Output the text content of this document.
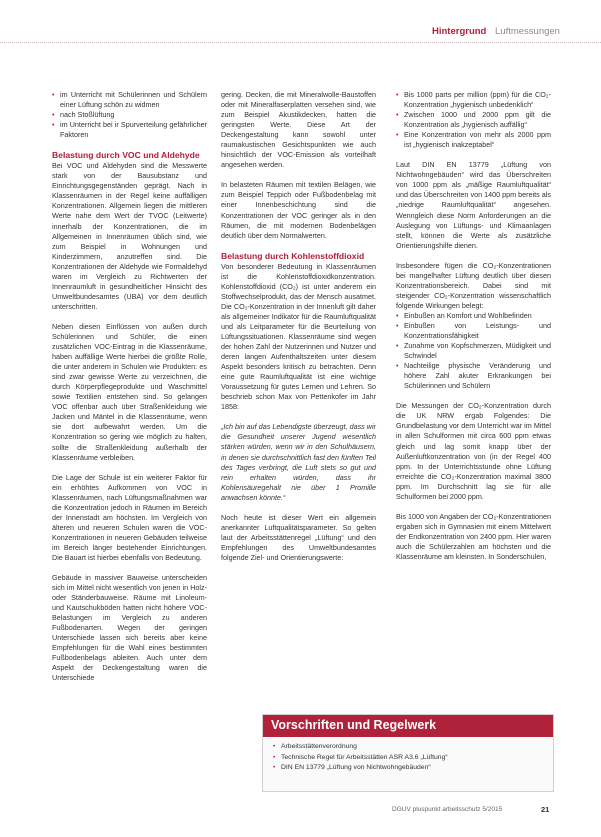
Hintergrund Luftmessungen
• im Unterricht mit Schülerinnen und Schülern einer Lüftung schön zu widmen
• nach Stoßlüftung
• im Unterricht bei ir Spurverteilung gefährlicher Faktoren
Belastung durch VOC und Aldehyde

Bei VOC und Aldehyden sind die Messwerte stark von der Bausubstanz und Einrichtungsgegenständen geprägt. Nach in Klassenräumen in der Regel keine auffälligen Konzentrationen. Allgemein liegen die mittleren Werte nahe dem Wert der TVOC (Leitwerte) innerhalb der Konzentrationen, die im Allgemeinen in Innenräumen üblich sind, wie zum Beispiel in Wohnungen und Kinderzimmern, anzutreffen sind. Die Konzentrationen der Aldehyde wie Formaldehyd waren im Vergleich zu Richtwerten der Innenraumluft in gesundheitlicher Hinsicht des Umweltbundesamtes (UBA) vor dem deutlich unterschritten.

Neben diesen Einflüssen von außen durch Schülerinnen und Schüler, die einen zusätzlichen VOC-Eintrag in die Klassenräume, haben auffällige Werte hierbei die größte Rolle, die unter anderem in Schulen wie Produkten: es sind zwar gewisse Werte zu verzeichnen, die durch Körperpflegeprodukte und Waschmittel sowie Textilien entstehen sind. So gelangen VOC offenbar auch über Straßenkleidung wie Jacken und Mäntel in die Klassenräume, wenn sie dort aufbewahrt werden. Um die Konzentration so gering wie möglich zu halten, sollte die Straßenkleidung außerhalb der Klassenräume verbleiben.

Die Lage der Schule ist ein weiterer Faktor für ein erhöhtes Aufkommen von VOC in Klassenräumen, nach Lüftungsmaßnahmen war die Konzentration jedoch in Räumen im Bereich der Innenstadt am höchsten. Im Vergleich von älteren und neueren Schulen waren die VOC-Konzentrationen in neueren Gebäuden teilweise im Bereich länger bestehender Einrichtungen. Die Bauart ist hierbei ebenfalls von Bedeutung.

Gebäude in massiver Bauweise unterscheiden sich im Mittel nicht wesentlich von jenen in Holz- oder Ständerbauweise. Räume mit Linoleum- und Kautschukböden hatten nicht höhere VOC-Belastungen im Vergleich zu anderen Fußbodenarten. Wegen der geringen Unterschiede lassen sich bereits aber keine Empfehlungen für die Wahl eines bestimmten Fußbodenbelags ableiten. Auch unter dem Aspekt der Deckengestaltung waren die Unterschiede

gering. Decken, die mit Mineralwolle-Baustoffen oder mit Mineralfaserplatten versehen sind, wie zum Beispiel Akustikdecken, hatten die geringsten Werte. Diese Art der Deckengestaltung kann sowohl unter raumakustischen Gesichtspunkten wie auch hinsichtlich der VOC-Emission als vorteilhaft angesehen werden.

In belasteten Räumen mit textilen Belägen, wie zum Beispiel Teppich oder Fußbodenbelag mit einer Innenbeschichtung sind die Konzentrationen der VOC geringer als in den Räumen, die mit modernen Bodenbelägen deutlich über dem Normalwerten.

Belastung durch Kohlenstoffdioxid

Von besonderer Bedeutung in Klassenräumen ist die Kohlenstoffdioxidkonzentration. Kohlenstoffdioxid (CO₂) ist unter anderem ein Stoffwechselprodukt, das der Mensch ausatmet. Die CO₂-Konzentration in der Innenluft gilt daher als allgemeiner Indikator für die Raumluftqualität und als Leitparameter für die Beurteilung von Lüftungssituationen. Klassenräume sind wegen der hohen Zahl der Nutzerinnen und Nutzer und deren langen Aufenthaltszeiten unter diesem Aspekt besonders kritisch zu betrachten. Denn eine gute Raumluftqualität ist eine wichtige Voraussetzung für gutes Lernen und Lehren. So beschrieb schon Max von Pettenkofer im Jahr 1858:

„Ich bin auf das Lebendigste überzeugt, dass wir die Gesundheit unserer Jugend wesentlich stärken würden, wenn wir in den Schulhäusern, in denen sie durchschnittlich fast den fünften Teil des Tages verbringt, die Luft stets so gut und rein erhalten würden, dass ihr Kohlensäuregehalt nie über 1 Promille anwachsen könnte.“

Noch heute ist dieser Wert ein allgemein anerkannter Luftqualitätsparameter. So gelten laut der Arbeitsstättenregel „Lüftung“ und den Empfehlungen des Umweltbundesamtes folgende Ziel- und Orientierungswerte:

• Bis 1000 parts per million (ppm) für die CO₂-Konzentration „hygienisch unbedenklich“
• Zwischen 1000 und 2000 ppm gilt die Konzentration als „hygienisch auffällig“
• Eine Konzentration von mehr als 2000 ppm ist „hygienisch inakzeptabel“

Laut DIN EN 13779 „Lüftung von Nichtwohngebäuden“ wird das Überschreiten von 1000 ppm als „mäßige Raumluftqualität“ und das Überschreiten von 1400 ppm bereits als „niedrige Raumluftqualität“ angesehen. Wenngleich diese Norm Anforderungen an die Auslegung von Lüftungs- und Klimaanlagen stellt, können die Werte als zusätzliche Orientierungshilfe dienen.

Insbesondere fügen die CO₂-Konzentrationen bei mangelhafter Lüftung deutlich über diesen Konzentrationsbereich. Dabei sind mit steigender CO₂-Konzentration wissenschaftlich folgende Wirkungen belegt:

• Einbußen an Komfort und Wohlbefinden
• Einbußen von Leistungs- und Konzentrationsfähigkeit
• Zunahme von Kopfschmerzen, Müdigkeit und Schwindel
• Nachteilige physische Veränderung und höhere Zahl akuter Erkrankungen bei Schülerinnen und Schülern

Die Messungen der CO₂-Konzentration durch die UK NRW ergab Folgendes: Die Grundbelastung vor dem Unterricht war im Mittel in allen Schulformen mit circa 600 ppm etwas gleich und lag somit knapp über der Außenluftkonzentration von (in der Regel 400 ppm. In der Unterrichtsstunde ohne Lüftung erreichte die CO₂-Konzentration maximal 3800 ppm. Im Durchschnitt lag sie für alle Schulformen bei 2000 ppm.

Bis 1000 von Angaben der CO₂-Konzentrationen ergaben sich in Gymnasien mit einem Mittelwert der Endkonzentration von 2400 ppm. Hier waren auch die Schülerzahlen am höchsten und die Klassenräume am kleinsten. In Sonderschulen,

Vorschriften und Regelwerk
• Arbeitsstättenverordnung
• Technische Regel für Arbeitsstätten ASR A3.6 „Lüftung“
• DIN EN 13779 „Lüftung von Nichtwohngebäuden“
DGUV pluspunkt arbeitsschutz 5/2015	21
